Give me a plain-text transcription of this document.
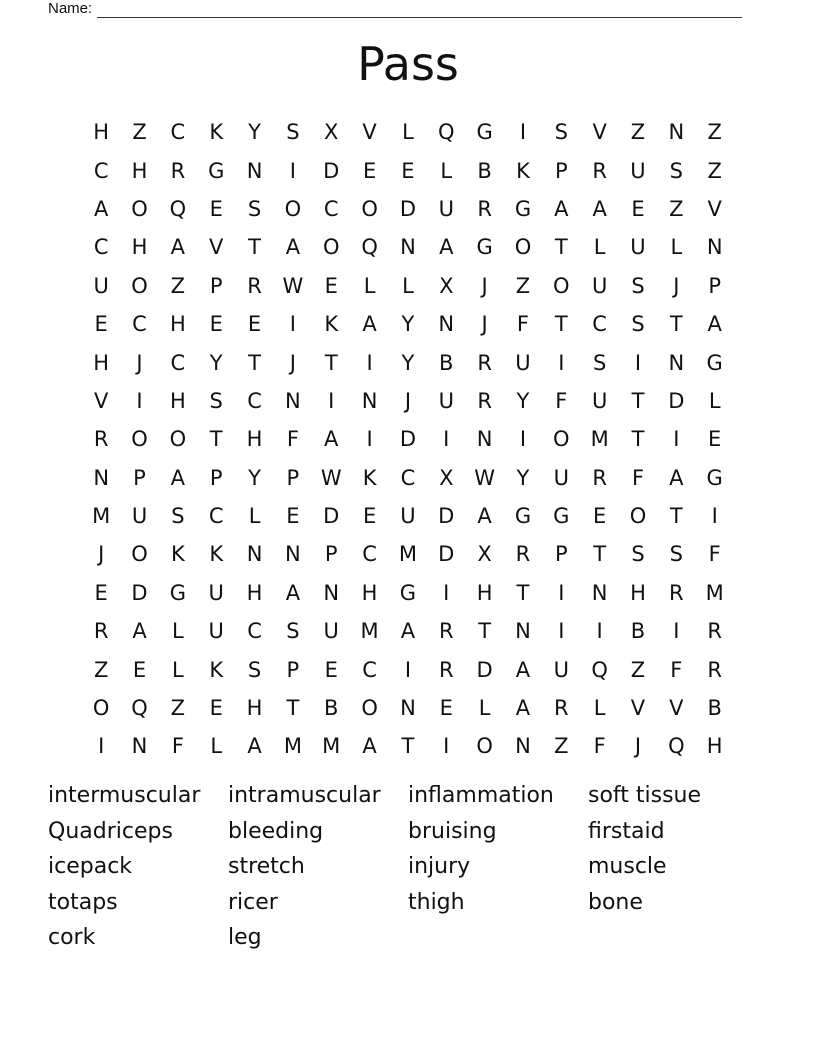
Name:
Pass
H	Z	C	K	Y	S	X	V	L	Q	G	I	S	V	Z	N	Z
C	H	R	G	N	I	D	E	E	L	B	K	P	R	U	S	Z
A	O	Q	E	S	O	C	O	D	U	R	G	A	A	E	Z	V
C	H	A	V	T	A	O	Q	N	A	G	O	T	L	U	L	N
U	O	Z	P	R W	E	L	L	X	J	Z	O	U	S	J	P
E	C	H	E	E	I	K	A	Y	N	J	F	T	C	S	T	A
H	J	C	Y	T	J	T	I	Y	B	R	U	I	S	I	N	G
V	I	H	S	C	N	I	N	J	U	R	Y	F	U	T	D	L
R	O	O	T	H	F	A	I	D	I	N	I	O	M	T	I	E
N	P	A	P	Y	P	W	K	C	X W	Y	U	R	F	A	G
M	U	S	C	L	E	D	E	U	D	A	G	G	E	O	T	I
J	O	K	K	N	N	P	C	M	D	X	R	P	T	S	S	F
E	D	G	U	H	A	N	H	G	I	H	T	I	N	H	R	M
R	A	L	U	C	S	U	M	A	R	T	N	I	I	B	I	R
Z	E	L	K	S	P	E	C	I	R	D	A	U	Q	Z	F	R
O	Q	Z	E	H	T	B	O	N	E	L	A	R	L	V	V	B
I	N	F	L	A	M M	A	T	I	O	N	Z	F	J	Q	H
intermuscular	intramuscular	inflammation	soft tissue
Quadriceps	bleeding	bruising	firstaid
icepack	stretch	injury	muscle
totaps	ricer	thigh	bone
cork	leg
